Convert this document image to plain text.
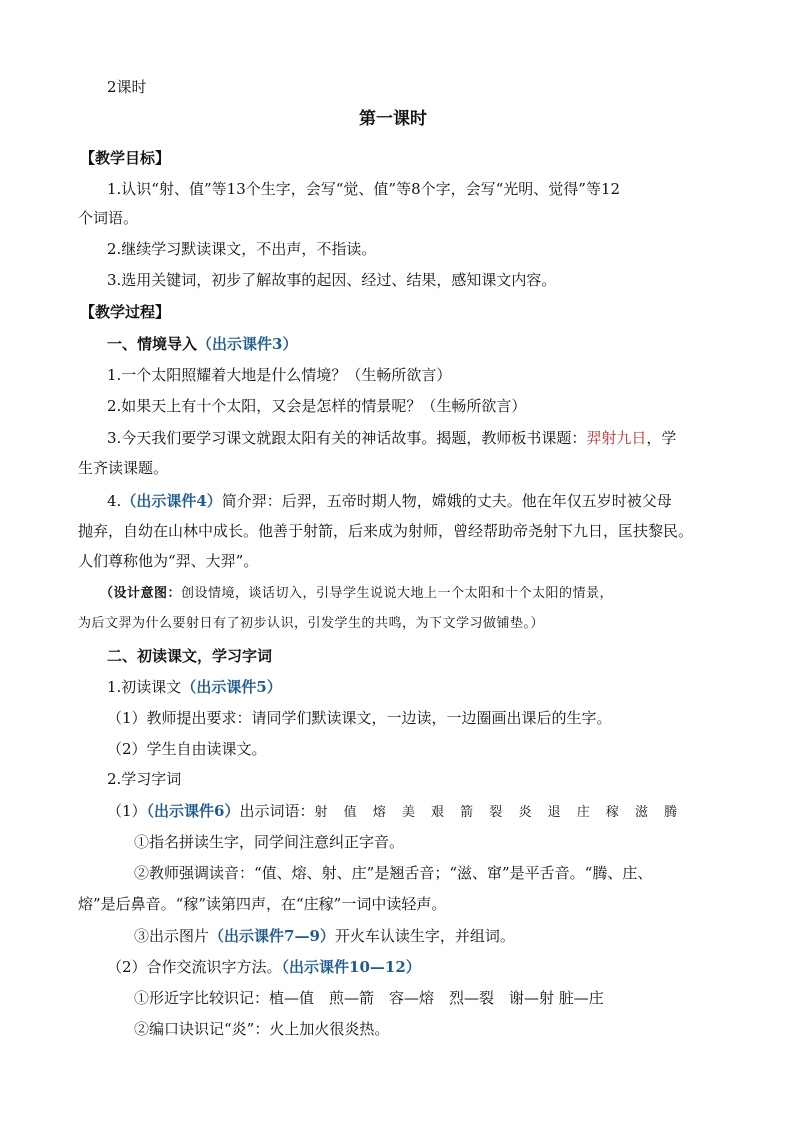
2课时
第一课时
【教学目标】
1.认识“射、值”等13个生字，会写“觉、值”等8个字，会写“光明、觉得”等12
个词语。
2.继续学习默读课文，不出声，不指读。
3.选用关键词，初步了解故事的起因、经过、结果，感知课文内容。
【教学过程】
一、情境导入（出示课件3）
1.一个太阳照耀着大地是什么情境？（生畅所欲言）
2.如果天上有十个太阳，又会是怎样的情景呢？（生畅所欲言）
3.今天我们要学习课文就跟太阳有关的神话故事。揭题，教师板书课题：羿射九日，学
生齐读课题。
4.（出示课件4）简介羿：后羿，五帝时期人物，嫦娥的丈夫。他在年仅五岁时被父母
抛弃，自幼在山林中成长。他善于射箭，后来成为射师，曾经帮助帝尧射下九日，匡扶黎民。
人们尊称他为“羿、大羿”。
（设计意图：创设情境，谈话切入，引导学生说说大地上一个太阳和十个太阳的情景，
为后文羿为什么要射日有了初步认识，引发学生的共鸣，为下文学习做铺垫。）
二、初读课文，学习字词
1.初读课文（出示课件5）
（1）教师提出要求：请同学们默读课文，一边读，一边圈画出课后的生字。
（2）学生自由读课文。
2.学习字词
（1）（出示课件6）出示词语：射 值 熔 美 艰 箭 裂 炎 退 庄 稼 滋 腾
①指名拼读生字，同学间注意纠正字音。
②教师强调读音：“值、熔、射、庄”是翘舌音；“滋、窜”是平舌音。“腾、庄、
熔”是后鼻音。“稼”读第四声，在“庄稼”一词中读轻声。
③出示图片（出示课件7—9）开火车认读生字，并组词。
（2）合作交流识字方法。（出示课件10—12）
①形近字比较识记：植—值　煎—箭　容—熔　烈—裂　谢—射 脏—庄
②编口诀识记“炎”：火上加火很炎热。
